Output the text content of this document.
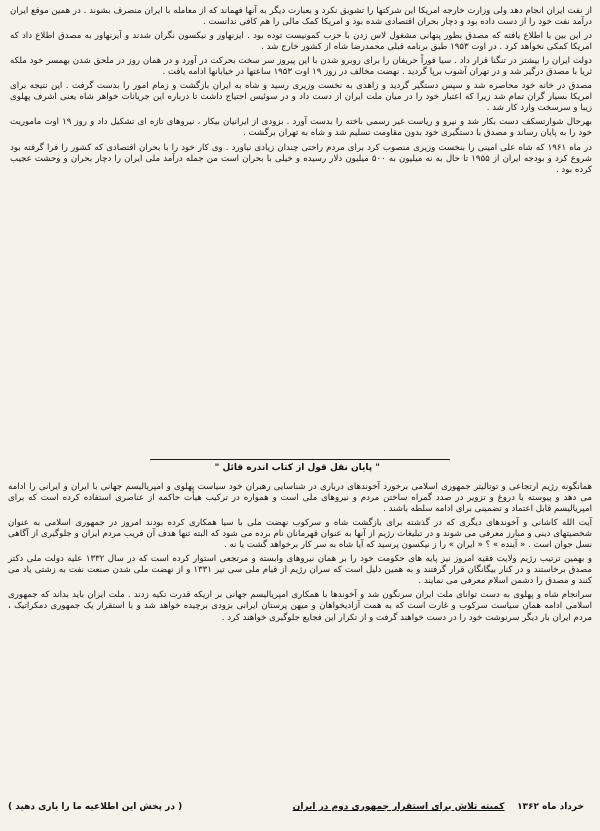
از نفت ایران انجام دهد ولی وزارت خارجه امریکا این شرکتها را تشویق نکرد و بعبارت دیگر به آنها فهماند که از معامله با ایران منصرف بشوند . در همین موقع ایران درآمد نفت خود را از دست داده بود و دچار بحران اقتصادی شده بود و امریکا کمک مالی را هم کافی ندانست .

در این بین با اطلاع یافته که مصدق بطور پنهانی مشغول لاس زدن با حزب کمونیست توده بود . ایزنهاور و نیکسون نگران شدند و آیزنهاور به مصدق اطلاع داد که امریکا کمکی نخواهد کرد . در اوت ۱۹۵۳ طبق برنامه قبلی محمدرضا شاه از کشور خارج شد .

دولت ایران را بیشتر در تنگنا قرار داد . سیا فوراً حریفان را برای روبرو شدن با این پیروز سر سخت بحرکت در آورد و در همان روز در ملحق شدن بهمسر خود ملکه ثریا با مصدق درگیر شد و در تهران آشوب برپا گردید . نهضت مخالف در روز ۱۹ اوت ۱۹۵۳ ساعتها در خیابانها ادامه یافت .

مصدق در خانه خود محاصره شد و سپس دستگیر گردید و زاهدی به نخست وزیری رسید و شاه به ایران بازگشت و زمام امور را بدست گرفت . این نتیجه برای امریکا بسیار گران تمام شد زیرا که اعتبار خود را در میان ملت ایران از دست داد و در سوئیس احتیاج داشت تا درباره این جریانات خواهر شاه یعنی اشرف پهلوی زیبا و سرسخت وارد کار شد .

بهرحال شوارتسکف دست بکار شد و نیرو و ریاست غیر رسمی باخته را بدست آورد . بزودی از ایرانیان بیکار ، نیروهای تازه ای تشکیل داد و روز ۱۹ اوت ماموریت خود را به پایان رساند و مصدق با دستگیری خود بدون مقاومت تسلیم شد و شاه به تهران برگشت .

در ماه ۱۹۶۱ که شاه علی امینی را بنخست وزیری منصوب کرد برای مردم راحتی چندان زیادی نیاورد . وی کار خود را با بحران اقتصادی که کشور را فرا گرفته بود شروع کرد و بودجه ایران از ۱۹۵۵ تا حال به نه میلیون به ۵۰۰ میلیون دلار رسیده و خیلی با بحران است من جمله درآمد ملی ایران را دچار بحران و وحشت عجیب کرده بود .

" پایان نقل قول از کتاب اندره قائل "

همانگونه رژیم ارتجاعی و توتالیتر جمهوری اسلامی برخورد آخوندهای درباری در شناسایی رهبران خود سیاست پهلوی و امپریالیسم جهانی با ایران و ایرانی را ادامه می دهد و پیوسته با دروغ و تزویر در صدد گمراه ساختن مردم و نیروهای ملی است و همواره در ترکیب هیأت حاکمه از عناصری استفاده کرده است که برای امپریالیسم قابل اعتماد و تضمینی برای ادامه سلطه باشند .

آیت الله کاشانی و آخوندهای دیگری که در گذشته برای بازگشت شاه و سرکوب نهضت ملی با سیا همکاری کرده بودند امروز در جمهوری اسلامی به عنوان شخصیتهای دینی و مبارز معرفی می شوند و در تبلیغات رژیم از آنها به عنوان قهرمانان نام برده می شود که البته تنها هدف آن فریب مردم ایران و جلوگیری از آگاهی نسل جوان است . « آینده » ؟ « ایران » را ز نیکسون پرسید که آیا شاه به سر کار برخواهد گشت یا نه .

و بهمین ترتیب رژیم ولایت فقیه امروز نیز پایه های حکومت خود را بر همان نیروهای وابسته و مرتجعی استوار کرده است که در سال ۱۳۳۲ علیه دولت ملی دکتر مصدق برخاستند و در کنار بیگانگان قرار گرفتند و به همین دلیل است که سران رژیم از قیام ملی سی تیر ۱۳۳۱ و از نهضت ملی شدن صنعت نفت به زشتی یاد می کنند و مصدق را دشمن اسلام معرفی می نمایند .

سرانجام شاه و پهلوی به دست توانای ملت ایران سرنگون شد و آخوندها با همکاری امپریالیسم جهانی بر اریکه قدرت تکیه زدند . ملت ایران باید بداند که جمهوری اسلامی ادامه همان سیاست سرکوب و غارت است که به همت آزادیخواهان و میهن پرستان ایرانی بزودی برچیده خواهد شد و با استقرار یک جمهوری دمکراتیک ، مردم ایران بار دیگر سرنوشت خود را در دست خواهند گرفت و از تکرار این فجایع جلوگیری خواهند کرد .

خرداد ماه ۱۳۶۲    کمیته تلاش برای استقرار جمهوری دوم در ایران
( در پخش این اطلاعیه ما را یاری دهید )
